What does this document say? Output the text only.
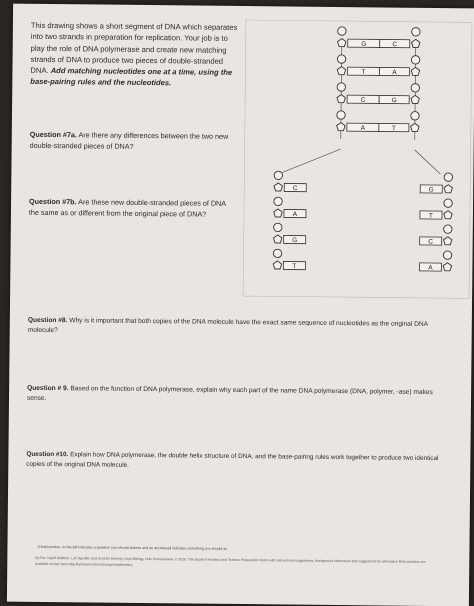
This drawing shows a short segment of DNA which separates into two strands in preparation for replication. Your job is to play the role of DNA polymerase and create new matching strands of DNA to produce two pieces of double-stranded DNA. Add matching nucleotides one at a time, using the base-pairing rules and the nucleotides.
Question #7a. Are there any differences between the two new double-stranded pieces of DNA?
Question #7b. Are these new double-stranded pieces of DNA the same as or different from the original piece of DNA?
G	C
T	A
C	G
A	T
C
A
G
T
G
T
C
A
Question #8. Why is it important that both copies of the DNA molecule have the exact same sequence of nucleotides as the original DNA molecule?
Question # 9. Based on the function of DNA polymerase, explain why each part of the name DNA polymerase (DNA, polymer, -ase) makes sense.
Question #10. Explain how DNA polymerase, the double helix structure of DNA, and the base-pairing rules work together to produce two identical copies of the original DNA molecule.
A bold number on the left indicates a question you should answer and an arrowhead indicates something you should do.
By Drs. Ingrid Waldron, Lori Spindler and Jennifer Doherty, Dept Biology, Univ Pennsylvania, © 2016. This Student Handout and Teacher Preparation Notes with instructional suggestions, background information and suggestions for alternative DNA activities are available at http://serendip.brynmawr.edu/exchange/waldron/dna.
